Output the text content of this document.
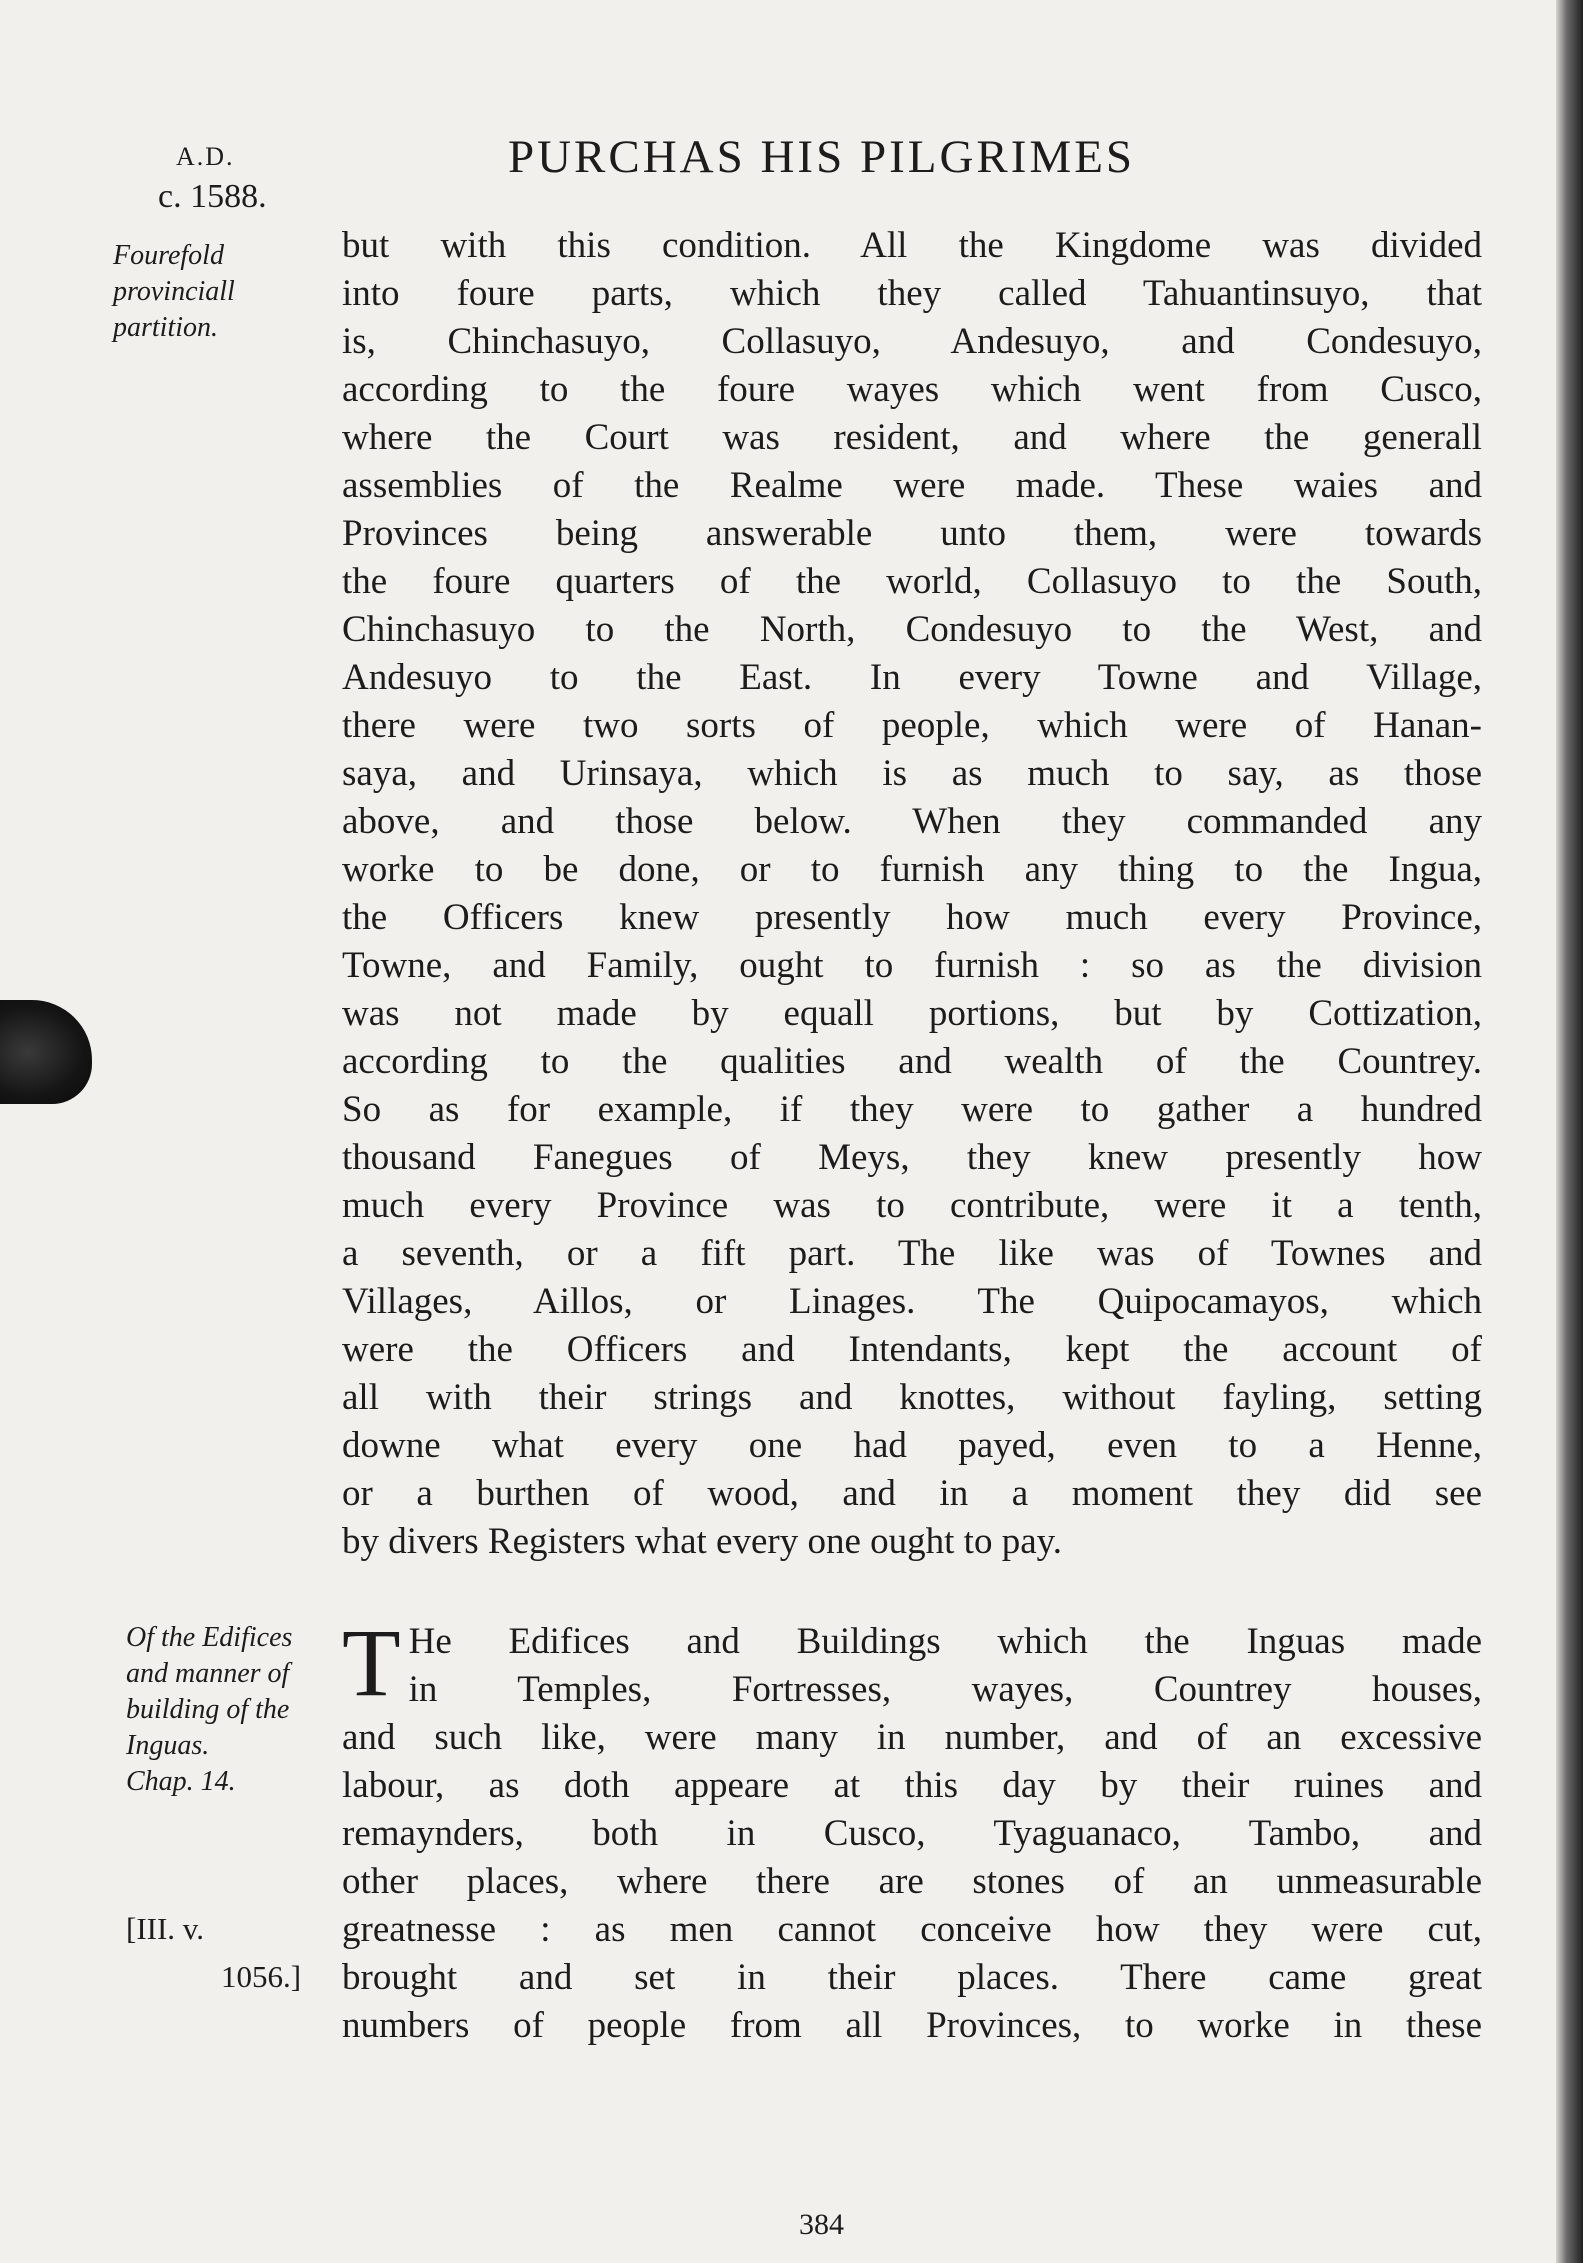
A.D.
c. 1588.
PURCHAS HIS PILGRIMES
Fourefold
provinciall
partition.
but with this condition. All the Kingdome was divided
into foure parts, which they called Tahuantinsuyo, that
is, Chinchasuyo, Collasuyo, Andesuyo, and Condesuyo,
according to the foure wayes which went from Cusco,
where the Court was resident, and where the generall
assemblies of the Realme were made. These waies and
Provinces being answerable unto them, were towards
the foure quarters of the world, Collasuyo to the South,
Chinchasuyo to the North, Condesuyo to the West, and
Andesuyo to the East. In every Towne and Village,
there were two sorts of people, which were of Hanan-
saya, and Urinsaya, which is as much to say, as those
above, and those below. When they commanded any
worke to be done, or to furnish any thing to the Ingua,
the Officers knew presently how much every Province,
Towne, and Family, ought to furnish : so as the division
was not made by equall portions, but by Cottization,
according to the qualities and wealth of the Countrey.
So as for example, if they were to gather a hundred
thousand Fanegues of Meys, they knew presently how
much every Province was to contribute, were it a tenth,
a seventh, or a fift part. The like was of Townes and
Villages, Aillos, or Linages. The Quipocamayos, which
were the Officers and Intendants, kept the account of
all with their strings and knottes, without fayling, setting
downe what every one had payed, even to a Henne,
or a burthen of wood, and in a moment they did see
by divers Registers what every one ought to pay.
Of the Edifices
and manner of
building of the
Inguas.
Chap. 14.
[III. v.
1056.]
T He Edifices and Buildings which the Inguas made
in Temples, Fortresses, wayes, Countrey houses,
and such like, were many in number, and of an excessive
labour, as doth appeare at this day by their ruines and
remaynders, both in Cusco, Tyaguanaco, Tambo, and
other places, where there are stones of an unmeasurable
greatnesse : as men cannot conceive how they were cut,
brought and set in their places. There came great
numbers of people from all Provinces, to worke in these
384
